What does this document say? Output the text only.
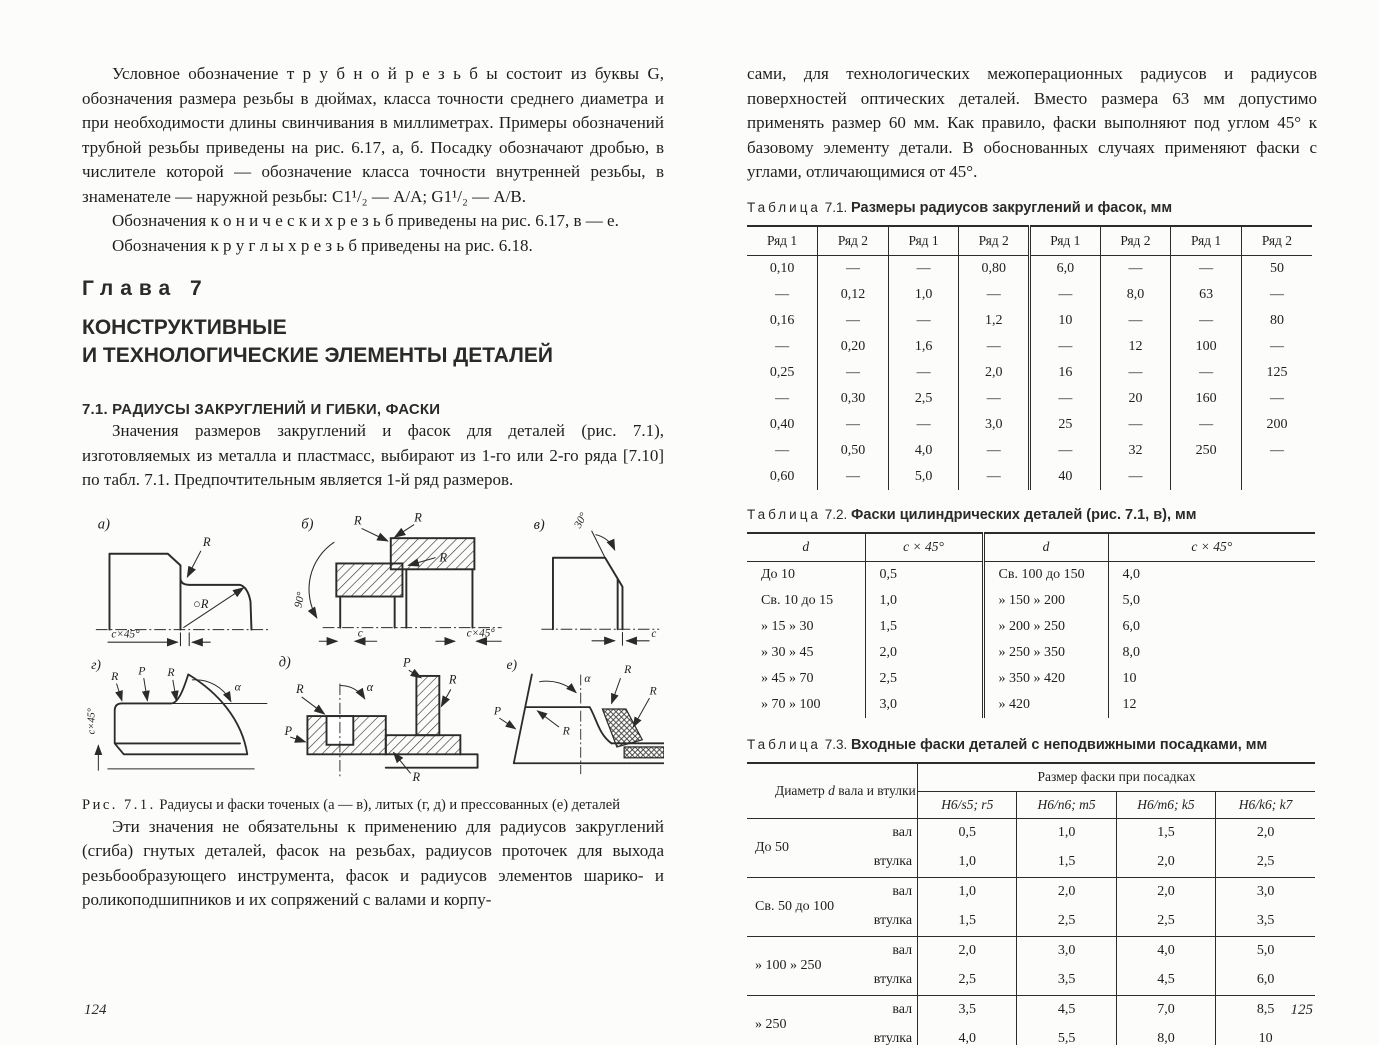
Условное обозначение т р у б н о й р е з ь б ы состоит из буквы G, обозначения размера резьбы в дюймах, класса точности среднего диаметра и при необходимости длины свинчивания в миллиметрах. Примеры обозначений трубной резьбы приведены на рис. 6.17, а, б. Посадку обозначают дробью, в числителе которой — обозначение класса точности внутренней резьбы, в знаменателе — наружной резьбы: C1¹/₂ — А/А; G1¹/₂ — А/В.

Обозначения к о н и ч е с к и х р е з ь б приведены на рис. 6.17, в — е.

Обозначения к р у г л ы х р е з ь б приведены на рис. 6.18.

Глава 7
КОНСТРУКТИВНЫЕ
И ТЕХНОЛОГИЧЕСКИЕ ЭЛЕМЕНТЫ ДЕТАЛЕЙ
7.1. РАДИУСЫ ЗАКРУГЛЕНИЙ И ГИБКИ, ФАСКИ

Значения размеров закруглений и фасок для деталей (рис. 7.1), изготовляемых из металла и пластмасс, выбирают из 1-го или 2-го ряда [7.10] по табл. 7.1. Предпочтительным является 1-й ряд размеров.

а)
R
○R
c×45°
б)	R	R
R
90°
c	c×45°
в) 30°
c
г)
α
R P R
c×45°
д)
α
R
P
P
R
R
е)
α
P
R
R
R
Рис. 7.1. Радиусы и фаски точеных (а — в), литых (г, д) и прессованных (е) деталей

Эти значения не обязательны к применению для радиусов закруглений (сгиба) гнутых деталей, фасок на резьбах, радиусов проточек для выхода резьбообразующего инструмента, фасок и радиусов элементов шарико- и роликоподшипников и их сопряжений с валами и корпу-

124

сами, для технологических межоперационных радиусов и радиусов поверхностей оптических деталей. Вместо размера 63 мм допустимо применять размер 60 мм. Как правило, фаски выполняют под углом 45° к базовому элементу детали. В обоснованных случаях применяют фаски с углами, отличающимися от 45°.

Таблица 7.1. Размеры радиусов закруглений и фасок, мм
Ряд 1	Ряд 2	Ряд 1	Ряд 2	Ряд 1	Ряд 2	Ряд 1	Ряд 2
0,10	—	—	0,80	6,0	—	—	50
—	0,12	1,0	—	—	8,0	63	—
0,16	—	—	1,2	10	—	—	80
—	0,20	1,6	—	—	12	100	—
0,25	—	—	2,0	16	—	—	125
—	0,30	2,5	—	—	20	160	—
0,40	—	—	3,0	25	—	—	200
—	0,50	4,0	—	—	32	250	—
0,60	—	5,0	—	40	—		
Таблица 7.2. Фаски цилиндрических деталей (рис. 7.1, в), мм
d	c × 45°	d	c × 45°
До 10	0,5	Св. 100 до 150	4,0
Св. 10 до 15	1,0	» 150 » 200	5,0
» 15 » 30	1,5	» 200 » 250	6,0
» 30 » 45	2,0	» 250 » 350	8,0
» 45 » 70	2,5	» 350 » 420	10
» 70 » 100	3,0	» 420	12
Таблица 7.3. Входные фаски деталей с неподвижными посадками, мм
Диаметр d вала и втулки		Размер фаски при посадках			
		H6/s5; r5	H6/n6; m5	H6/m6; k5	H6/k6; k7
До 50	вал	0,5	1,0	1,5	2,0
	втулка	1,0	1,5	2,0	2,5
Св. 50 до 100	вал	1,0	2,0	2,0	3,0
	втулка	1,5	2,5	2,5	3,5
» 100 » 250	вал	2,0	3,0	4,0	5,0
	втулка	2,5	3,5	4,5	6,0
» 250	вал	3,5	4,5	7,0	8,5
	втулка	4,0	5,5	8,0	10
125
